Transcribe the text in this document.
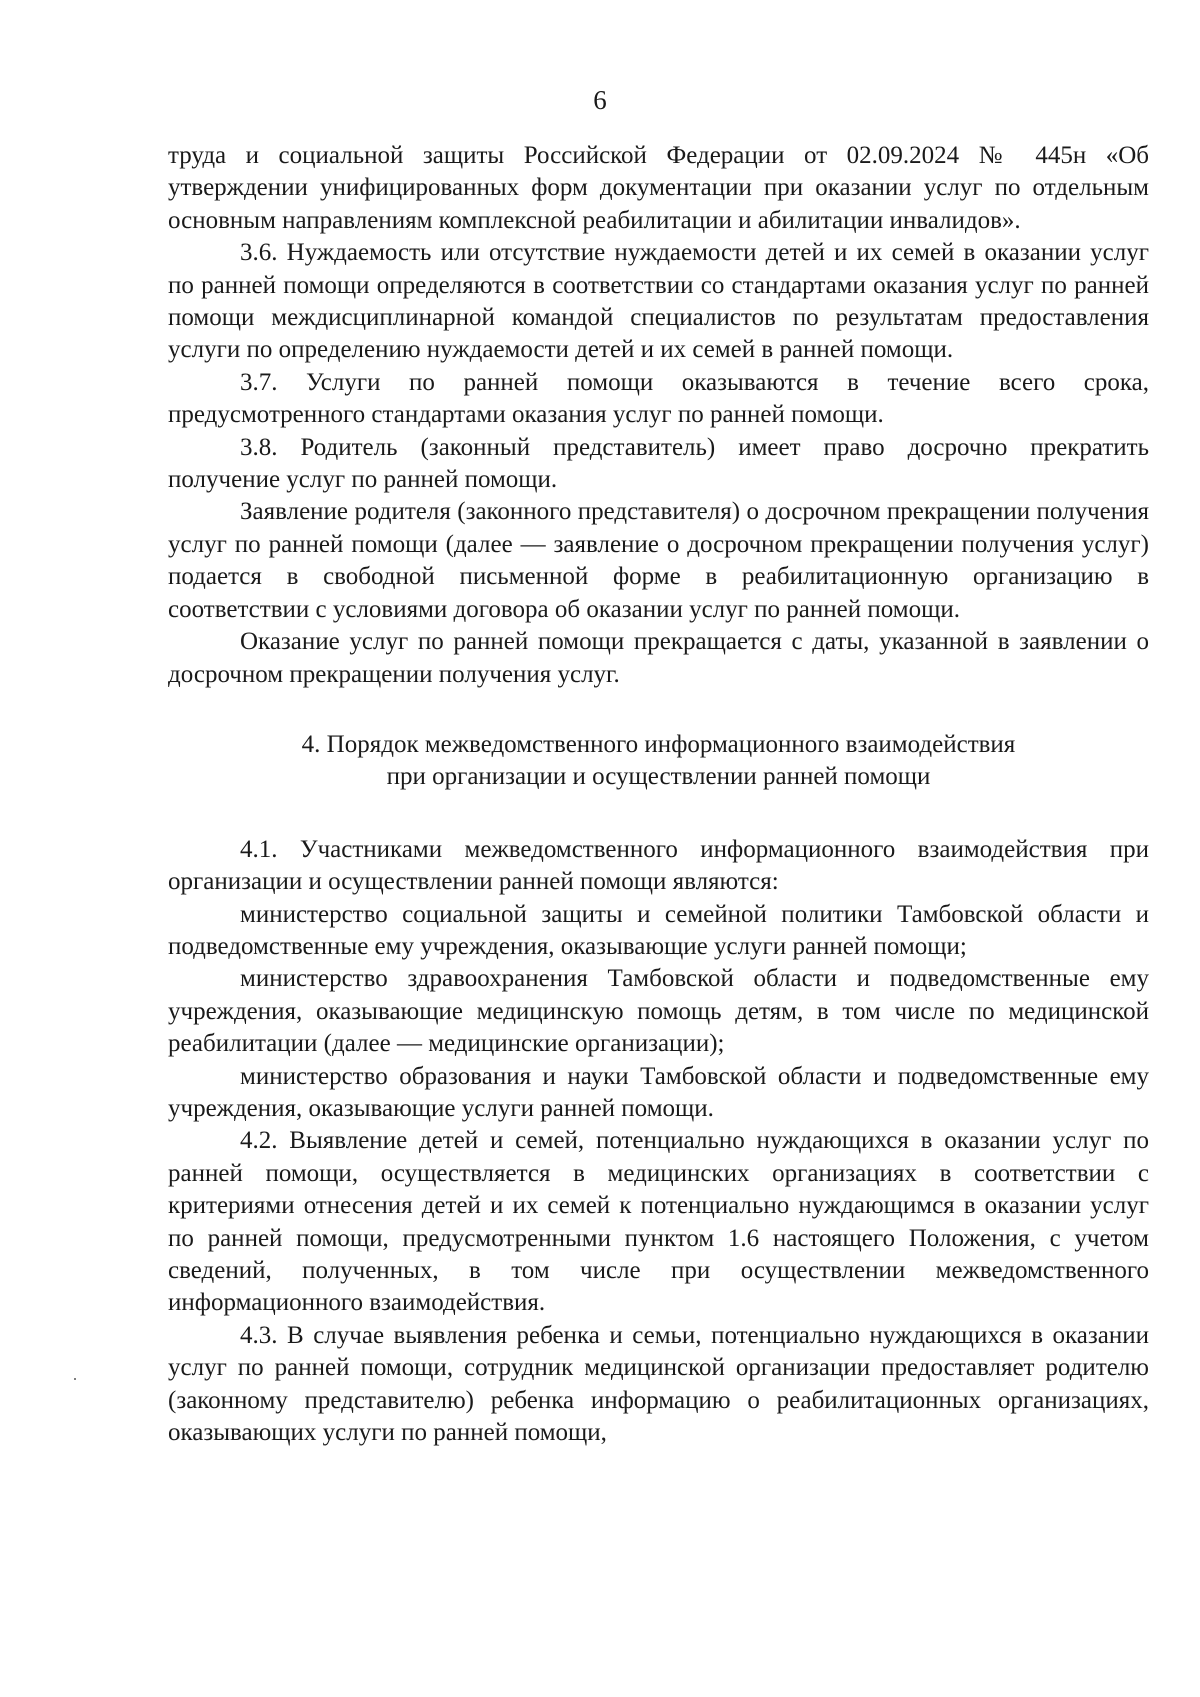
6

труда и социальной защиты Российской Федерации от 02.09.2024 № 445н «Об утверждении унифицированных форм документации при оказании услуг по отдельным основным направлениям комплексной реабилитации и абилитации инвалидов».

3.6. Нуждаемость или отсутствие нуждаемости детей и их семей в оказании услуг по ранней помощи определяются в соответствии со стандартами оказания услуг по ранней помощи междисциплинарной командой специалистов по результатам предоставления услуги по определению нуждаемости детей и их семей в ранней помощи.

3.7. Услуги по ранней помощи оказываются в течение всего срока, предусмотренного стандартами оказания услуг по ранней помощи.

3.8. Родитель (законный представитель) имеет право досрочно прекратить получение услуг по ранней помощи.

Заявление родителя (законного представителя) о досрочном прекращении получения услуг по ранней помощи (далее — заявление о досрочном прекращении получения услуг) подается в свободной письменной форме в реабилитационную организацию в соответствии с условиями договора об оказании услуг по ранней помощи.

Оказание услуг по ранней помощи прекращается с даты, указанной в заявлении о досрочном прекращении получения услуг.

4. Порядок межведомственного информационного взаимодействия
при организации и осуществлении ранней помощи

4.1. Участниками межведомственного информационного взаимодействия при организации и осуществлении ранней помощи являются:

министерство социальной защиты и семейной политики Тамбовской области и подведомственные ему учреждения, оказывающие услуги ранней помощи;

министерство здравоохранения Тамбовской области и подведомственные ему учреждения, оказывающие медицинскую помощь детям, в том числе по медицинской реабилитации (далее — медицинские организации);

министерство образования и науки Тамбовской области и подведомственные ему учреждения, оказывающие услуги ранней помощи.

4.2. Выявление детей и семей, потенциально нуждающихся в оказании услуг по ранней помощи, осуществляется в медицинских организациях в соответствии с критериями отнесения детей и их семей к потенциально нуждающимся в оказании услуг по ранней помощи, предусмотренными пунктом 1.6 настоящего Положения, с учетом сведений, полученных, в том числе при осуществлении межведомственного информационного взаимодействия.

4.3. В случае выявления ребенка и семьи, потенциально нуждающихся в оказании услуг по ранней помощи, сотрудник медицинской организации предоставляет родителю (законному представителю) ребенка информацию о реабилитационных организациях, оказывающих услуги по ранней помощи,
